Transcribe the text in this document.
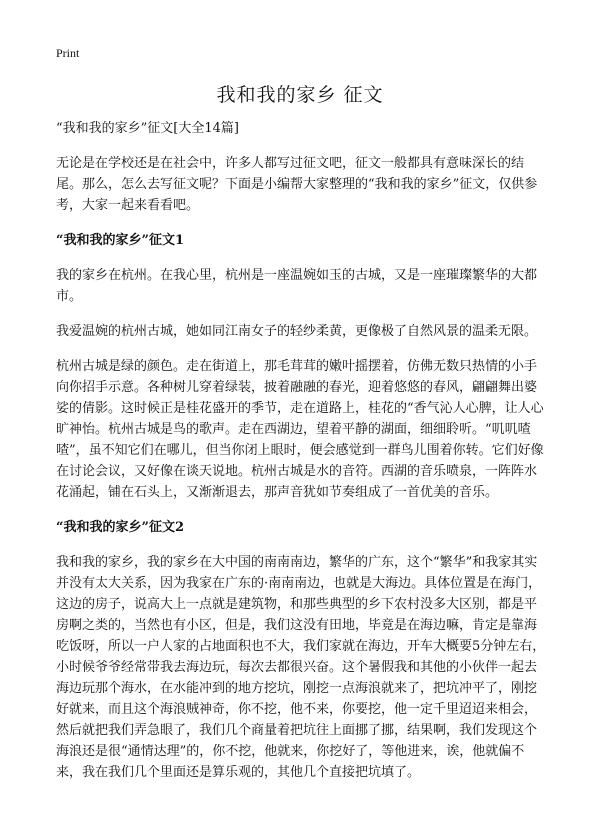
Print
我和我的家乡 征文

“我和我的家乡”征文[大全14篇]

无论是在学校还是在社会中，许多人都写过征文吧，征文一般都具有意味深长的结尾。那么，怎么去写征文呢？下面是小编帮大家整理的“我和我的家乡”征文，仅供参考，大家一起来看看吧。

“我和我的家乡”征文1

我的家乡在杭州。在我心里，杭州是一座温婉如玉的古城，又是一座璀璨繁华的大都市。

我爱温婉的杭州古城，她如同江南女子的轻纱柔黄，更像极了自然风景的温柔无限。

杭州古城是绿的颜色。走在街道上，那毛茸茸的嫩叶摇摆着，仿佛无数只热情的小手向你招手示意。各种树儿穿着绿装，披着融融的春光，迎着悠悠的春风，翩翩舞出婆娑的倩影。这时候正是桂花盛开的季节，走在道路上，桂花的“香气沁人心脾，让人心旷神怡。杭州古城是鸟的歌声。走在西湖边，望着平静的湖面，细细聆听。“叽叽喳喳”，虽不知它们在哪儿，但当你闭上眼时，便会感觉到一群鸟儿围着你转。它们好像在讨论会议，又好像在谈天说地。杭州古城是水的音符。西湖的音乐喷泉，一阵阵水花涌起，铺在石头上，又渐渐退去，那声音犹如节奏组成了一首优美的音乐。

“我和我的家乡”征文2

我和我的家乡，我的家乡在大中国的南南南边，繁华的广东，这个“繁华”和我家其实并没有太大关系，因为我家在广东的·南南南边，也就是大海边。具体位置是在海门，这边的房子，说高大上一点就是建筑物，和那些典型的乡下农村没多大区别，都是平房啊之类的，当然也有小区，但是，我们这没有田地，毕竟是在海边嘛，肯定是靠海吃饭呀，所以一户人家的占地面积也不大，我们家就在海边，开车大概要5分钟左右，小时候爷爷经常带我去海边玩，每次去都很兴奋。这个暑假我和其他的小伙伴一起去海边玩那个海水，在水能冲到的地方挖坑，刚挖一点海浪就来了，把坑冲平了，刚挖好就来，而且这个海浪贼神奇，你不挖，他不来，你要挖，他一定千里迢迢来相会，然后就把我们弄急眼了，我们几个商量着把坑往上面挪了挪，结果啊，我们发现这个海浪还是很“通情达理”的，你不挖，他就来，你挖好了，等他进来，诶，他就偏不来，我在我们几个里面还是算乐观的，其他几个直接把坑填了。
